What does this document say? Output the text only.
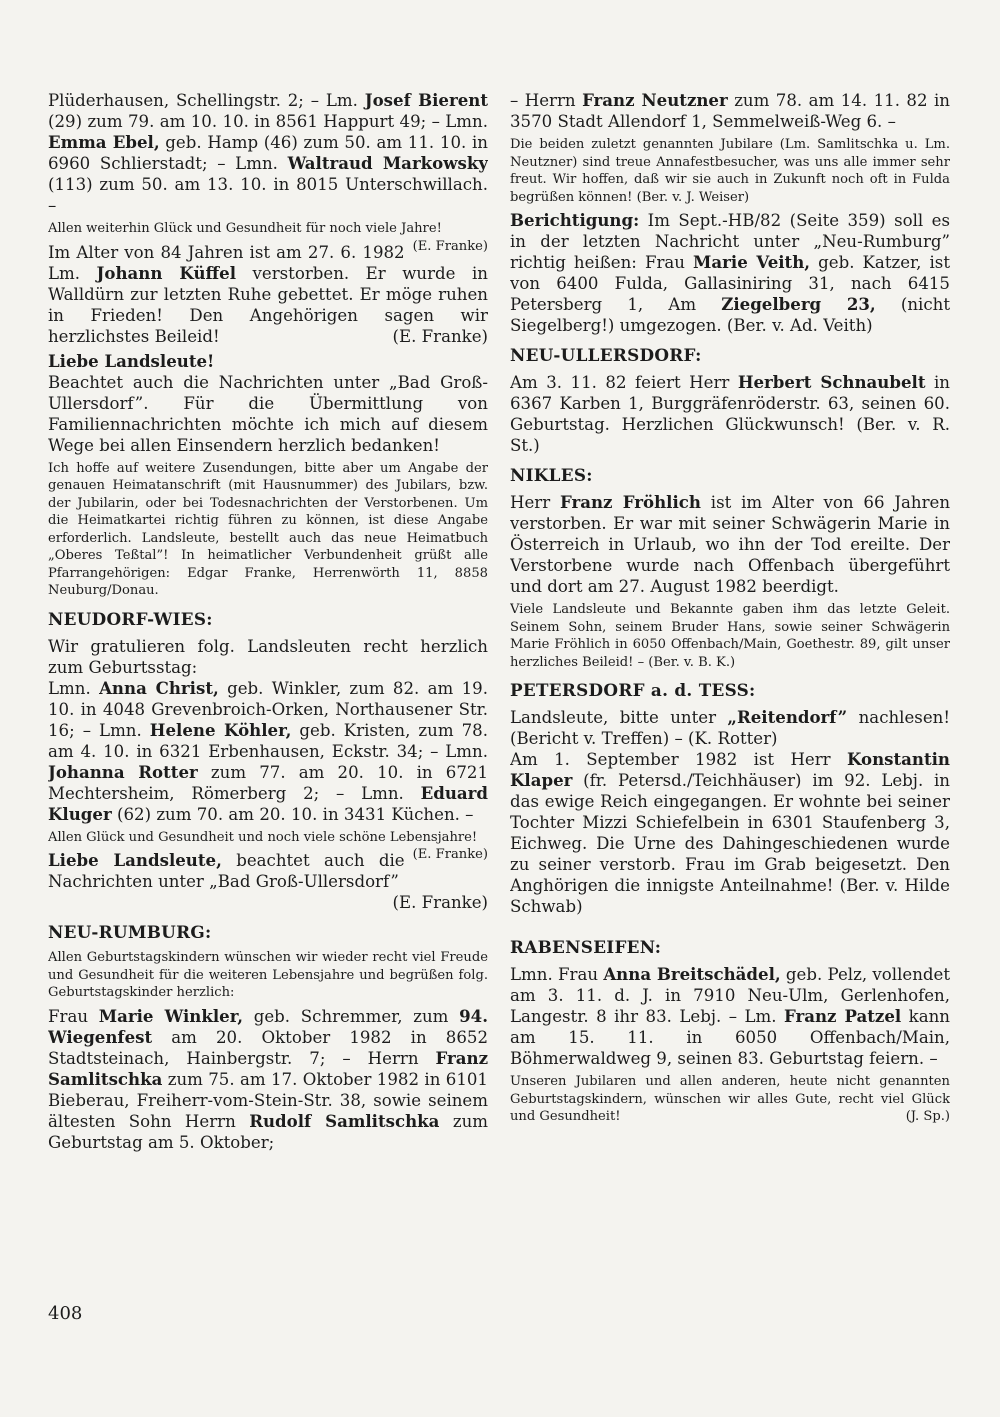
Plüderhausen, Schellingstr. 2; – Lm. Josef Bierent (29) zum 79. am 10. 10. in 8561 Happurt 49; – Lmn. Emma Ebel, geb. Hamp (46) zum 50. am 11. 10. in 6960 Schlierstadt; – Lmn. Waltraud Markowsky (113) zum 50. am 13. 10. in 8015 Unterschwillach. –

Allen weiterhin Glück und Gesundheit für noch viele Jahre!
(E. Franke)

Im Alter von 84 Jahren ist am 27. 6. 1982 Lm. Johann Küffel verstorben. Er wurde in Walldürn zur letzten Ruhe gebettet. Er möge ruhen in Frieden! Den Angehörigen sagen wir herzlichstes Beileid!	(E. Franke)

Liebe Landsleute!
Beachtet auch die Nachrichten unter „Bad Groß-Ullersdorf”. Für die Übermittlung von Familiennachrichten möchte ich mich auf diesem Wege bei allen Einsendern herzlich bedanken!

Ich hoffe auf weitere Zusendungen, bitte aber um Angabe der genauen Heimatanschrift (mit Hausnummer) des Jubilars, bzw. der Jubilarin, oder bei Todesnachrichten der Verstorbenen. Um die Heimatkartei richtig führen zu können, ist diese Angabe erforderlich. Landsleute, bestellt auch das neue Heimatbuch „Oberes Teßtal”! In heimatlicher Verbundenheit grüßt alle Pfarrangehörigen: Edgar Franke, Herrenwörth 11, 8858 Neuburg/Donau.

NEUDORF-WIES:

Wir gratulieren folg. Landsleuten recht herzlich zum Geburtsstag:
Lmn. Anna Christ, geb. Winkler, zum 82. am 19. 10. in 4048 Grevenbroich-Orken, Northausener Str. 16; – Lmn. Helene Köhler, geb. Kristen, zum 78. am 4. 10. in 6321 Erbenhausen, Eckstr. 34; – Lmn. Johanna Rotter zum 77. am 20. 10. in 6721 Mechtersheim, Römerberg 2; – Lmn. Eduard Kluger (62) zum 70. am 20. 10. in 3431 Küchen. –

Allen Glück und Gesundheit und noch viele schöne Lebensjahre!
(E. Franke)

Liebe Landsleute, beachtet auch die Nachrichten unter „Bad Groß-Ullersdorf”
(E. Franke)

NEU-RUMBURG:

Allen Geburtstagskindern wünschen wir wieder recht viel Freude und Gesundheit für die weiteren Lebensjahre und begrüßen folg. Geburtstagskinder herzlich:

Frau Marie Winkler, geb. Schremmer, zum 94. Wiegenfest am 20. Oktober 1982 in 8652 Stadtsteinach, Hainbergstr. 7; – Herrn Franz Samlitschka zum 75. am 17. Oktober 1982 in 6101 Bieberau, Freiherr-vom-Stein-Str. 38, sowie seinem ältesten Sohn Herrn Rudolf Samlitschka zum Geburtstag am 5. Oktober;

– Herrn Franz Neutzner zum 78. am 14. 11. 82 in 3570 Stadt Allendorf 1, Semmelweiß-Weg 6. –

Die beiden zuletzt genannten Jubilare (Lm. Samlitschka u. Lm. Neutzner) sind treue Annafestbesucher, was uns alle immer sehr freut. Wir hoffen, daß wir sie auch in Zukunft noch oft in Fulda begrüßen können! (Ber. v. J. Weiser)

Berichtigung: Im Sept.-HB/82 (Seite 359) soll es in der letzten Nachricht unter „Neu-Rumburg” richtig heißen: Frau Marie Veith, geb. Katzer, ist von 6400 Fulda, Gallasiniring 31, nach 6415 Petersberg 1, Am Ziegelberg 23, (nicht Siegelberg!) umgezogen. (Ber. v. Ad. Veith)

NEU-ULLERSDORF:

Am 3. 11. 82 feiert Herr Herbert Schnaubelt in 6367 Karben 1, Burggräfenröderstr. 63, seinen 60. Geburtstag. Herzlichen Glückwunsch! (Ber. v. R. St.)

NIKLES:

Herr Franz Fröhlich ist im Alter von 66 Jahren verstorben. Er war mit seiner Schwägerin Marie in Österreich in Urlaub, wo ihn der Tod ereilte. Der Verstorbene wurde nach Offenbach übergeführt und dort am 27. August 1982 beerdigt.

Viele Landsleute und Bekannte gaben ihm das letzte Geleit. Seinem Sohn, seinem Bruder Hans, sowie seiner Schwägerin Marie Fröhlich in 6050 Offenbach/Main, Goethestr. 89, gilt unser herzliches Beileid! – (Ber. v. B. K.)

PETERSDORF a. d. TESS:

Landsleute, bitte unter „Reitendorf” nachlesen! (Bericht v. Treffen) – (K. Rotter)
Am 1. September 1982 ist Herr Konstantin Klaper (fr. Petersd./Teichhäuser) im 92. Lebj. in das ewige Reich eingegangen. Er wohnte bei seiner Tochter Mizzi Schiefelbein in 6301 Staufenberg 3, Eichweg. Die Urne des Dahingeschiedenen wurde zu seiner verstorb. Frau im Grab beigesetzt. Den Anghörigen die innigste Anteilnahme! (Ber. v. Hilde Schwab)

RABENSEIFEN:

Lmn. Frau Anna Breitschädel, geb. Pelz, vollendet am 3. 11. d. J. in 7910 Neu-Ulm, Gerlenhofen, Langestr. 8 ihr 83. Lebj. – Lm. Franz Patzel kann am 15. 11. in 6050 Offenbach/Main, Böhmerwaldweg 9, seinen 83. Geburtstag feiern. –

Unseren Jubilaren und allen anderen, heute nicht genannten Geburtstagskindern, wünschen wir alles Gute, recht viel Glück und Gesundheit!	(J. Sp.)

408
